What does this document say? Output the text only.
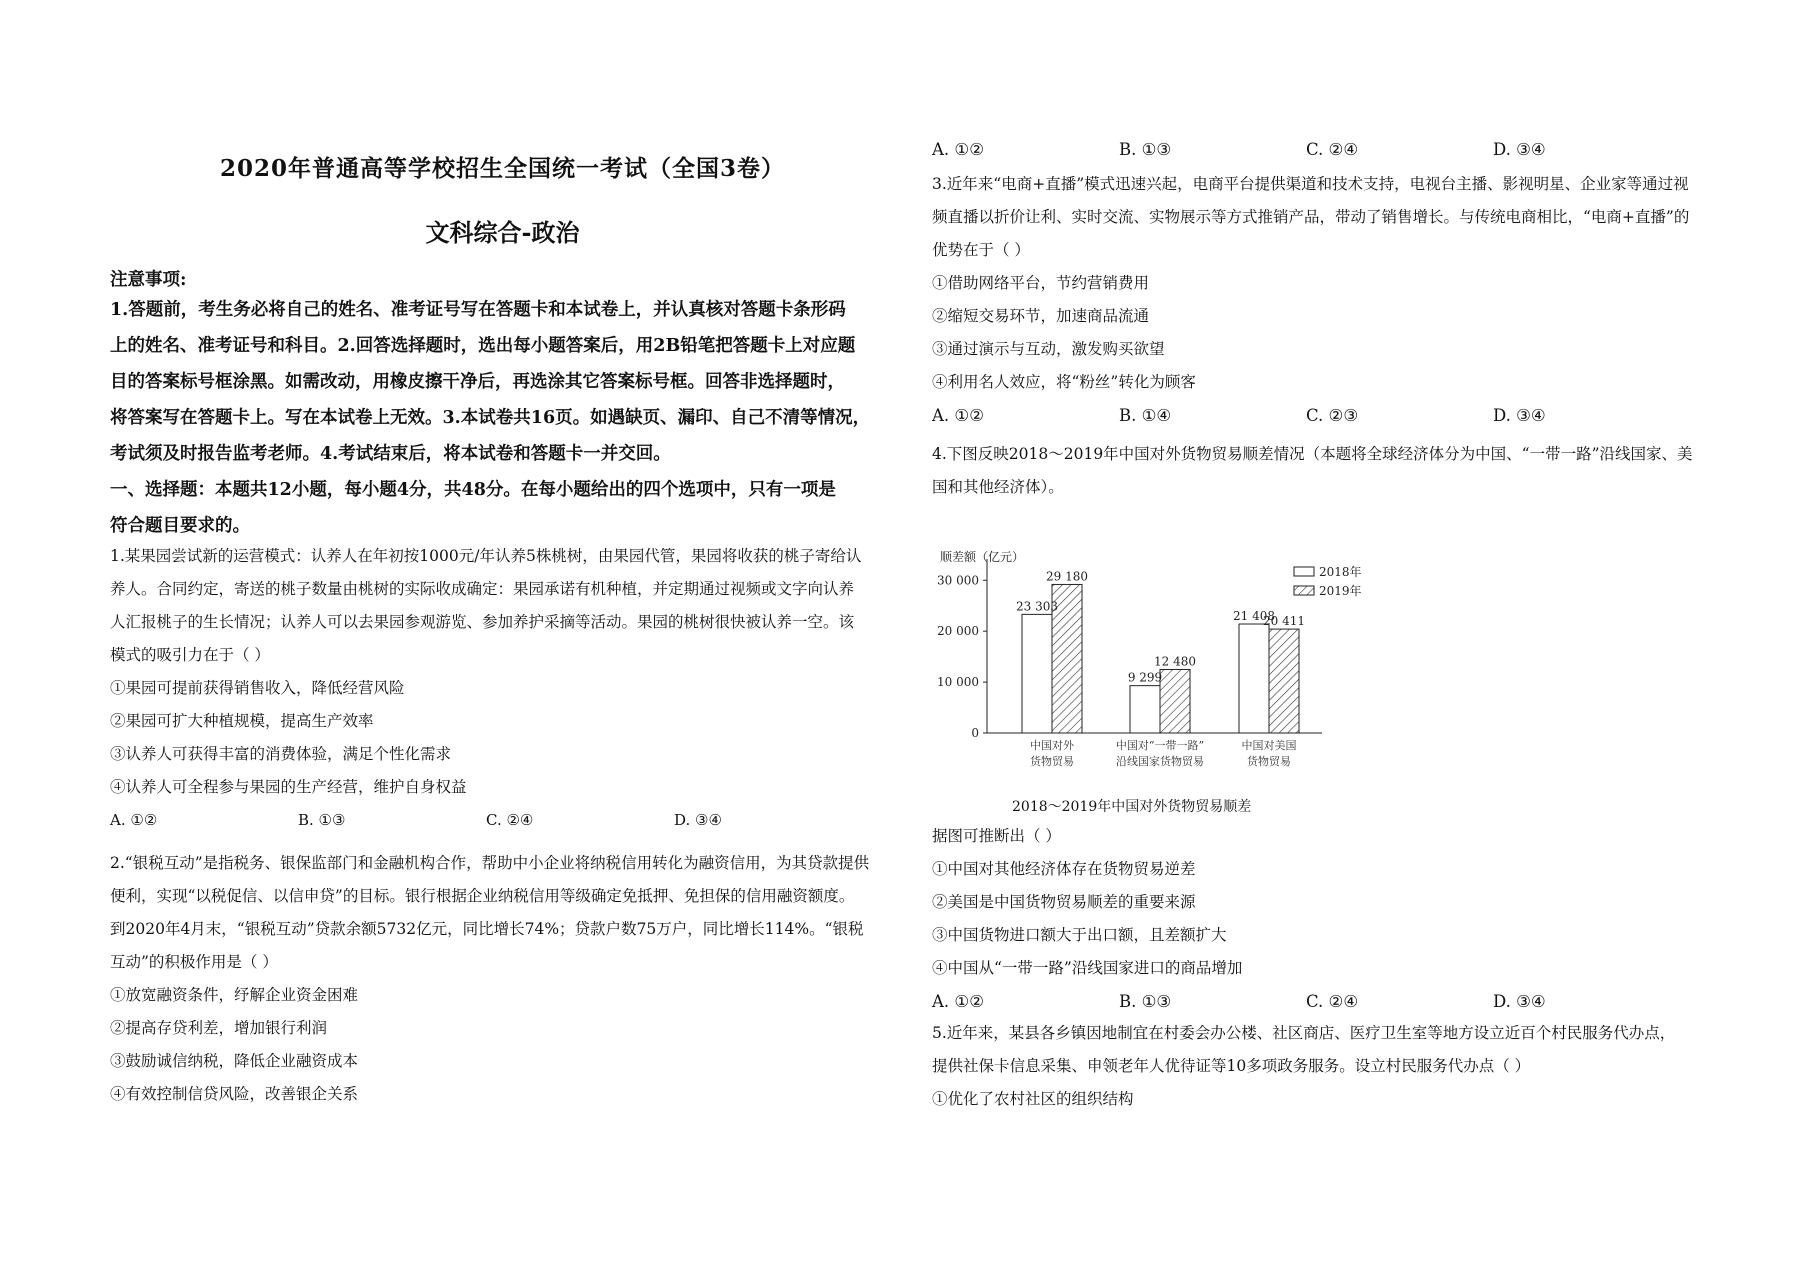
2020年普通高等学校招生全国统一考试（全国3卷）
文科综合-政治
注意事项:
1.答题前，考生务必将自己的姓名、准考证号写在答题卡和本试卷上，并认真核对答题卡条形码
上的姓名、准考证号和科目。2.回答选择题时，选出每小题答案后，用2B铅笔把答题卡上对应题
目的答案标号框涂黑。如需改动，用橡皮擦干净后，再选涂其它答案标号框。回答非选择题时，
将答案写在答题卡上。写在本试卷上无效。3.本试卷共16页。如遇缺页、漏印、自己不清等情况，
考试须及时报告监考老师。4.考试结束后，将本试卷和答题卡一并交回。
一、选择题：本题共12小题，每小题4分，共48分。在每小题给出的四个选项中，只有一项是
符合题目要求的。
1.某果园尝试新的运营模式：认养人在年初按1000元/年认养5株桃树，由果园代管，果园将收获的桃子寄给认
养人。合同约定，寄送的桃子数量由桃树的实际收成确定：果园承诺有机种植，并定期通过视频或文字向认养
人汇报桃子的生长情况；认养人可以去果园参观游览、参加养护采摘等活动。果园的桃树很快被认养一空。该
模式的吸引力在于（ ）
①果园可提前获得销售收入，降低经营风险
②果园可扩大种植规模，提高生产效率
③认养人可获得丰富的消费体验，满足个性化需求
④认养人可全程参与果园的生产经营，维护自身权益
A. ①②	B. ①③	C. ②④	D. ③④
2.“银税互动”是指税务、银保监部门和金融机构合作，帮助中小企业将纳税信用转化为融资信用，为其贷款提供
便利，实现“以税促信、以信申贷”的目标。银行根据企业纳税信用等级确定免抵押、免担保的信用融资额度。
到2020年4月末，“银税互动”贷款余额5732亿元，同比增长74%；贷款户数75万户，同比增长114%。“银税
互动”的积极作用是（ ）
①放宽融资条件，纾解企业资金困难
②提高存贷利差，增加银行利润
③鼓励诚信纳税，降低企业融资成本
④有效控制信贷风险，改善银企关系
A. ①②	B. ①③	C. ②④	D. ③④
3.近年来“电商+直播”模式迅速兴起，电商平台提供渠道和技术支持，电视台主播、影视明星、企业家等通过视
频直播以折价让利、实时交流、实物展示等方式推销产品，带动了销售增长。与传统电商相比，“电商+直播”的
优势在于（ ）
①借助网络平台，节约营销费用
②缩短交易环节，加速商品流通
③通过演示与互动，激发购买欲望
④利用名人效应，将“粉丝”转化为顾客
A. ①②	B. ①④	C. ②③	D. ③④
4.下图反映2018～2019年中国对外货物贸易顺差情况（本题将全球经济体分为中国、“一带一路”沿线国家、美
国和其他经济体）。
顺差额（亿元）
0
10 000
20 000
30 000
23 303
29 180
中国对外
货物贸易
9 299
12 480
中国对“一带一路”
沿线国家货物贸易
21 408
20 411
中国对美国
货物贸易
2018年
2019年
2018～2019年中国对外货物贸易顺差
据图可推断出（ ）
①中国对其他经济体存在货物贸易逆差
②美国是中国货物贸易顺差的重要来源
③中国货物进口额大于出口额，且差额扩大
④中国从“一带一路”沿线国家进口的商品增加
A. ①②	B. ①③	C. ②④	D. ③④
5.近年来，某县各乡镇因地制宜在村委会办公楼、社区商店、医疗卫生室等地方设立近百个村民服务代办点，
提供社保卡信息采集、申领老年人优待证等10多项政务服务。设立村民服务代办点（ ）
①优化了农村社区的组织结构
